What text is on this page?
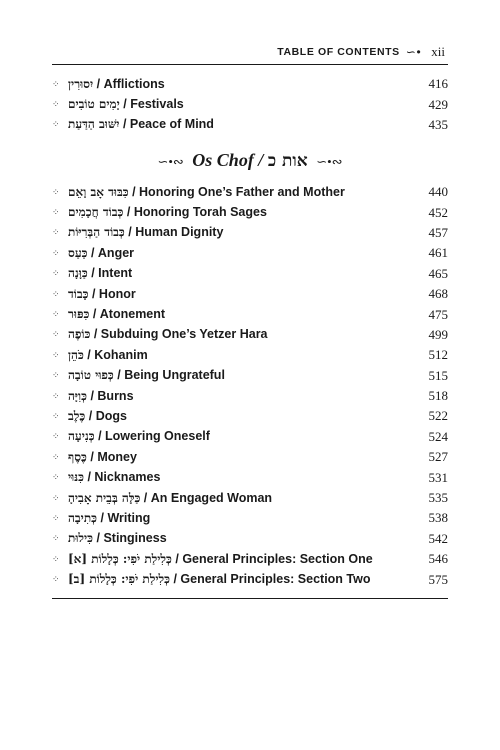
TABLE OF CONTENTS ∽• xii
⁘ יִסוּרִין / Afflictions	416
⁘ יָמִים טוֹבִים / Festivals	429
⁘ יִשּׁוּב הַדַּעַת / Peace of Mind	435
∽•∾ Os Chof / אות כ ∽•∾
⁘ כִּבּוּד אָב וָאֵם / Honoring One’s Father and Mother	440
⁘ כְּבוֹד חֲכָמִים / Honoring Torah Sages	452
⁘ כְּבוֹד הַבְּרִיּוֹת / Human Dignity	457
⁘ כַּעַס / Anger	461
⁘ כַּוָּנָה / Intent	465
⁘ כָּבוֹד / Honor	468
⁘ כִּפּוּר / Atonement	475
⁘ כּוֹפֶה / Subduing One’s Yetzer Hara	499
⁘ כֹּהֵן / Kohanim	512
⁘ כְּפוּי טוֹבָה / Being Ungrateful	515
⁘ כְּוִיָּה / Burns	518
⁘ כֶּלֶב / Dogs	522
⁘ כְּנִיעָה / Lowering Oneself	524
⁘ כֶּסֶף / Money	527
⁘ כִּנּוּי / Nicknames	531
⁘ כַּלָּה בְּבֵית אָבִיהָ / An Engaged Woman	535
⁘ כְּתִיבָה / Writing	538
⁘ כִּילוּת / Stinginess	542
⁘ כְּלִילַת יֹפִי: כְּלָלוֹת [א] / General Principles: Section One	546
⁘ כְּלִילַת יֹפִי: כְּלָלוֹת [ב] / General Principles: Section Two	575
